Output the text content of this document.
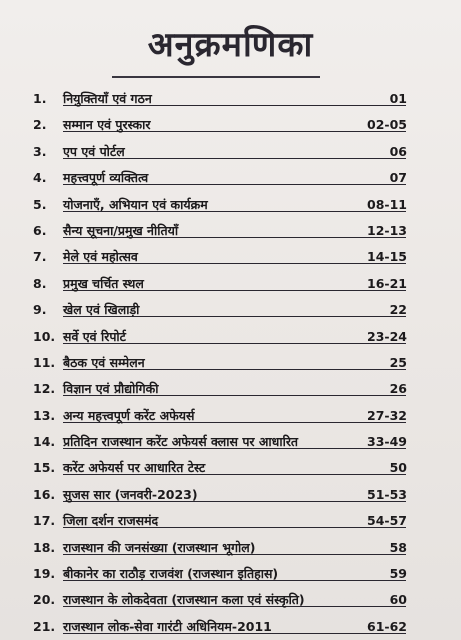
अनुक्रमणिका
1. नियुक्तियाँ एवं गठन	01
2. सम्मान एवं पुरस्कार	02-05
3. एप एवं पोर्टल	06
4. महत्त्वपूर्ण व्यक्तित्व	07
5. योजनाएँ, अभियान एवं कार्यक्रम	08-11
6. सैन्य सूचना/प्रमुख नीतियाँ	12-13
7. मेले एवं महोत्सव	14-15
8. प्रमुख चर्चित स्थल	16-21
9. खेल एवं खिलाड़ी	22
10. सर्वे एवं रिपोर्ट	23-24
11. बैठक एवं सम्मेलन	25
12. विज्ञान एवं प्रौद्योगिकी	26
13. अन्य महत्त्वपूर्ण करेंट अफेयर्स	27-32
14. प्रतिदिन राजस्थान करेंट अफेयर्स क्लास पर आधारित	33-49
15. करेंट अफेयर्स पर आधारित टेस्ट	50
16. सुजस सार (जनवरी-2023)	51-53
17. जिला दर्शन राजसमंद	54-57
18. राजस्थान की जनसंख्या (राजस्थान भूगोल)	58
19. बीकानेर का राठौड़ राजवंश (राजस्थान इतिहास)	59
20. राजस्थान के लोकदेवता (राजस्थान कला एवं संस्कृति)	60
21. राजस्थान लोक-सेवा गारंटी अधिनियम-2011	61-62
